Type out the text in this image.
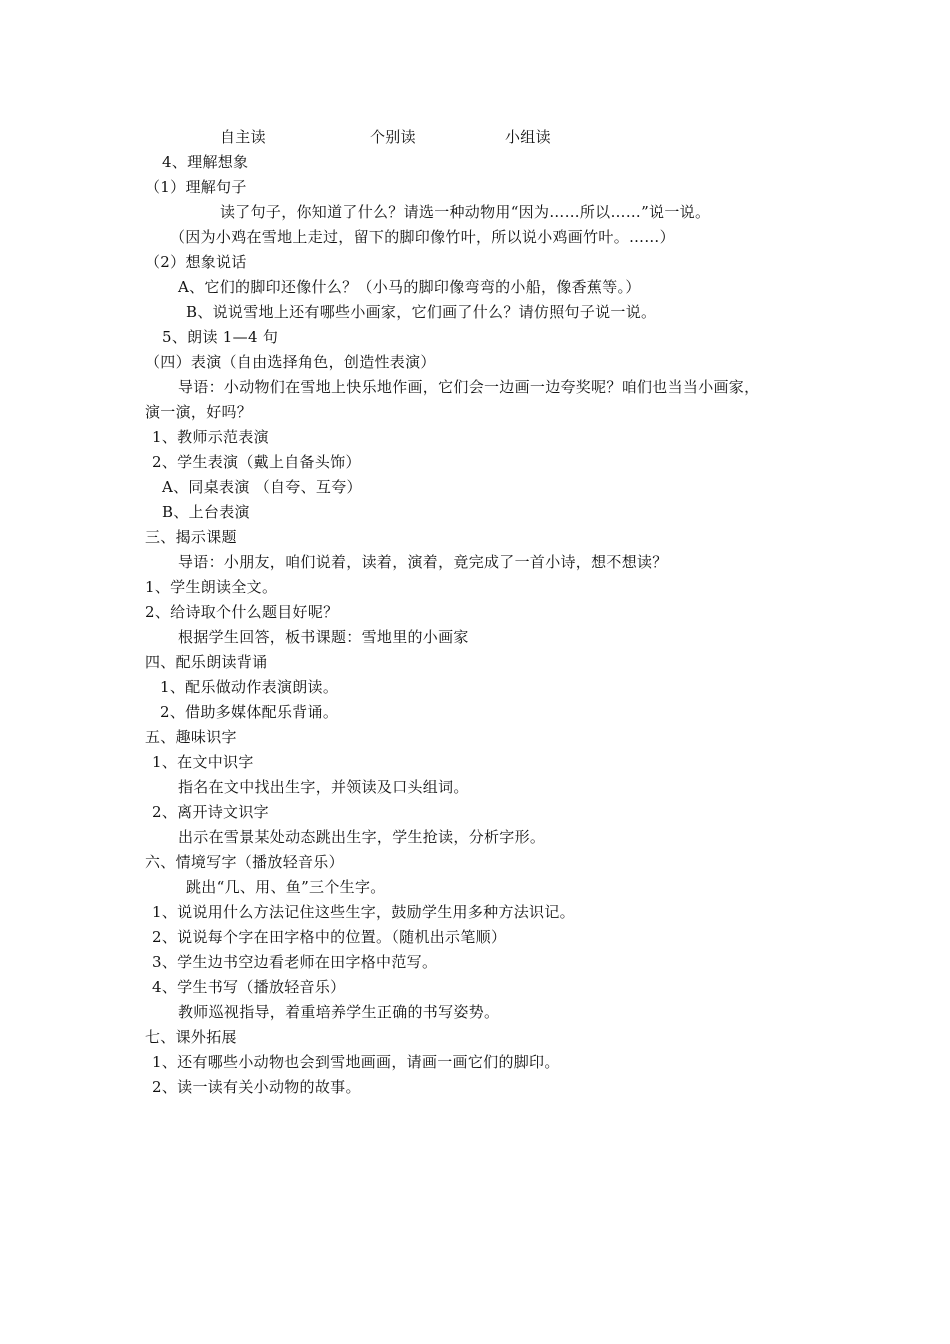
自主读	个别读	小组读
4、理解想象
（1）理解句子
读了句子，你知道了什么？请选一种动物用“因为……所以……”说一说。
（因为小鸡在雪地上走过，留下的脚印像竹叶，所以说小鸡画竹叶。……）
（2）想象说话
A、它们的脚印还像什么？（小马的脚印像弯弯的小船，像香蕉等。）
B、说说雪地上还有哪些小画家，它们画了什么？请仿照句子说一说。
5、朗读 1—4 句
（四）表演（自由选择角色，创造性表演）
导语：小动物们在雪地上快乐地作画，它们会一边画一边夸奖呢？咱们也当当小画家，
演一演，好吗？
1、教师示范表演
2、学生表演（戴上自备头饰）
A、同桌表演 （自夸、互夸）
B、上台表演
三、揭示课题
导语：小朋友，咱们说着，读着，演着，竟完成了一首小诗，想不想读？
1、学生朗读全文。
2、给诗取个什么题目好呢？
根据学生回答，板书课题：雪地里的小画家
四、配乐朗读背诵
1、配乐做动作表演朗读。
2、借助多媒体配乐背诵。
五、趣味识字
1、在文中识字
指名在文中找出生字，并领读及口头组词。
2、离开诗文识字
出示在雪景某处动态跳出生字，学生抢读，分析字形。
六、情境写字（播放轻音乐）
跳出“几、用、鱼”三个生字。
1、说说用什么方法记住这些生字，鼓励学生用多种方法识记。
2、说说每个字在田字格中的位置。（随机出示笔顺）
3、学生边书空边看老师在田字格中范写。
4、学生书写（播放轻音乐）
教师巡视指导，着重培养学生正确的书写姿势。
七、课外拓展
1、还有哪些小动物也会到雪地画画，请画一画它们的脚印。
2、读一读有关小动物的故事。
